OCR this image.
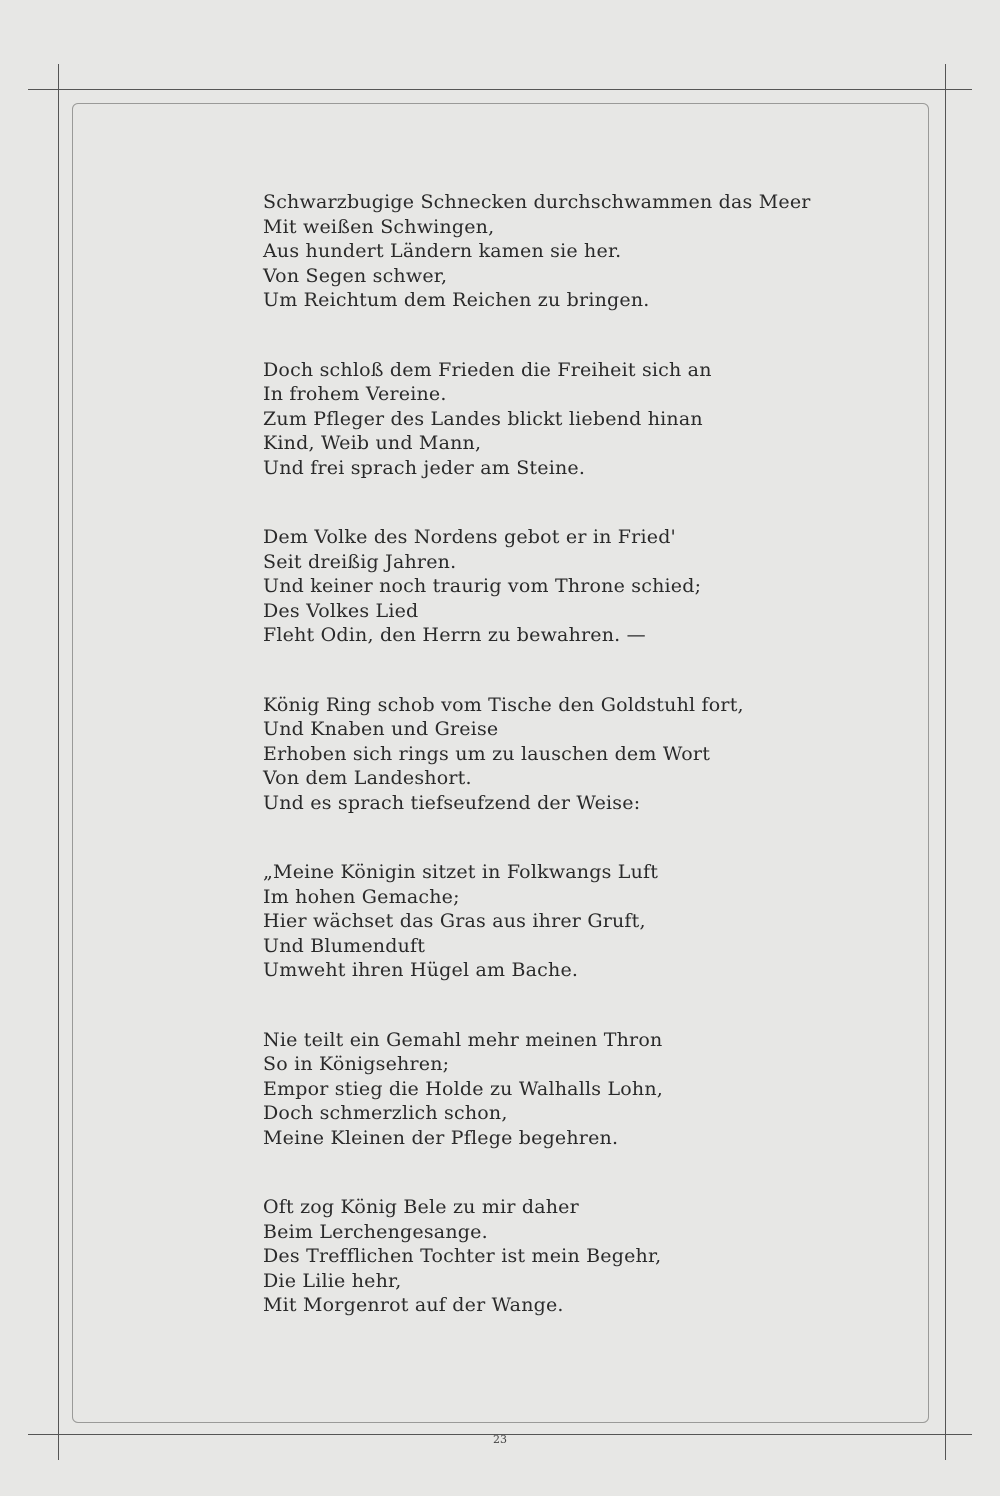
Schwarzbugige Schnecken durchschwammen das Meer
Mit weißen Schwingen,
Aus hundert Ländern kamen sie her.
Von Segen schwer,
Um Reichtum dem Reichen zu bringen.
Doch schloß dem Frieden die Freiheit sich an
In frohem Vereine.
Zum Pfleger des Landes blickt liebend hinan
Kind, Weib und Mann,
Und frei sprach jeder am Steine.
Dem Volke des Nordens gebot er in Fried'
Seit dreißig Jahren.
Und keiner noch traurig vom Throne schied;
Des Volkes Lied
Fleht Odin, den Herrn zu bewahren. —
König Ring schob vom Tische den Goldstuhl fort,
Und Knaben und Greise
Erhoben sich rings um zu lauschen dem Wort
Von dem Landeshort.
Und es sprach tiefseufzend der Weise:
„Meine Königin sitzet in Folkwangs Luft
Im hohen Gemache;
Hier wächset das Gras aus ihrer Gruft,
Und Blumenduft
Umweht ihren Hügel am Bache.
Nie teilt ein Gemahl mehr meinen Thron
So in Königsehren;
Empor stieg die Holde zu Walhalls Lohn,
Doch schmerzlich schon,
Meine Kleinen der Pflege begehren.
Oft zog König Bele zu mir daher
Beim Lerchengesange.
Des Trefflichen Tochter ist mein Begehr,
Die Lilie hehr,
Mit Morgenrot auf der Wange.
23
